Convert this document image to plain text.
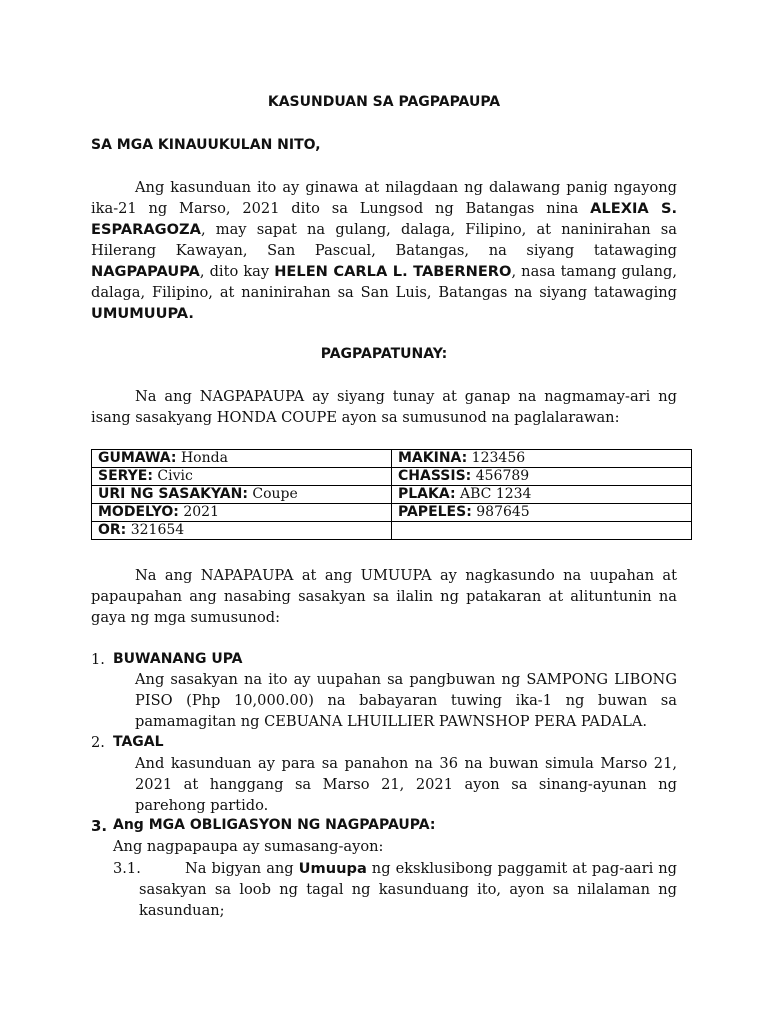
KASUNDUAN SA PAGPAPAUPA
SA MGA KINAUUKULAN NITO,
Ang kasunduan ito ay ginawa at nilagdaan ng dalawang panig ngayong
ika-21 ng Marso, 2021 dito sa Lungsod ng Batangas nina ALEXIA S.
ESPARAGOZA, may sapat na gulang, dalaga, Filipino, at naninirahan sa
Hilerang Kawayan, San Pascual, Batangas, na siyang tatawaging
NAGPAPAUPA, dito kay HELEN CARLA L. TABERNERO, nasa tamang gulang,
dalaga, Filipino, at naninirahan sa San Luis, Batangas na siyang tatawaging
UMUMUUPA.
PAGPAPATUNAY:
Na ang NAGPAPAUPA ay siyang tunay at ganap na nagmamay-ari ng
isang sasakyang HONDA COUPE ayon sa sumusunod na paglalarawan:
GUMAWA: Honda	MAKINA: 123456
SERYE: Civic	CHASSIS: 456789
URI NG SASAKYAN: Coupe	PLAKA: ABC 1234
MODELYO: 2021	PAPELES: 987645
OR: 321654	
Na ang NAPAPAUPA at ang UMUUPA ay nagkasundo na uupahan at
papaupahan ang nasabing sasakyan sa ilalin ng patakaran at alituntunin na
gaya ng mga sumusunod:
1. BUWANANG UPA
Ang sasakyan na ito ay uupahan sa pangbuwan ng SAMPONG LIBONG
PISO (Php 10,000.00) na babayaran tuwing ika-1 ng buwan sa
pamamagitan ng CEBUANA LHUILLIER PAWNSHOP PERA PADALA.
2. TAGAL
And kasunduan ay para sa panahon na 36 na buwan simula Marso 21,
2021 at hanggang sa Marso 21, 2021 ayon sa sinang-ayunan ng
parehong partido.
3. Ang MGA OBLIGASYON NG NAGPAPAUPA:
Ang nagpapaupa ay sumasang-ayon:
3.1.	Na bigyan ang Umuupa ng eksklusibong paggamit at pag-aari ng
sasakyan sa loob ng tagal ng kasunduang ito, ayon sa nilalaman ng
kasunduan;
